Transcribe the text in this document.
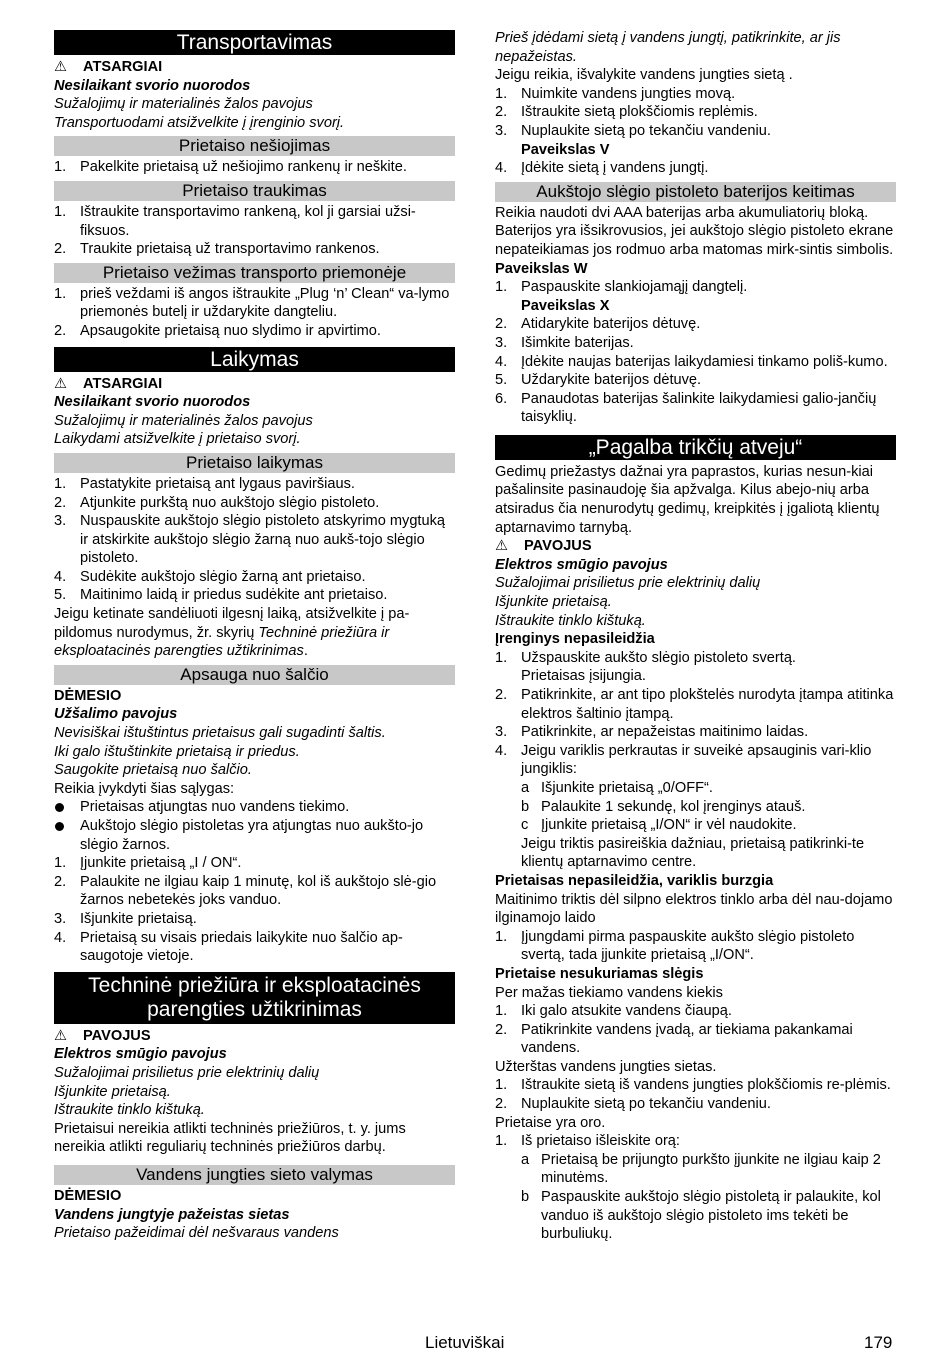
Transportavimas
⚠ ATSARGIAI
Nesilaikant svorio nuorodos
Sužalojimų ir materialinės žalos pavojus
Transportuodami atsižvelkite į įrenginio svorį.
Prietaiso nešiojimas
1. Pakelkite prietaisą už nešiojimo rankenų ir neškite.
Prietaiso traukimas
1. Ištraukite transportavimo rankeną, kol ji garsiai užsi-fiksuos.
2. Traukite prietaisą už transportavimo rankenos.
Prietaiso vežimas transporto priemonėje
1. prieš veždami iš angos ištraukite „Plug ‘n’ Clean“ va-lymo priemonės butelį ir uždarykite dangteliu.
2. Apsaugokite prietaisą nuo slydimo ir apvirtimo.
Laikymas
⚠ ATSARGIAI
Nesilaikant svorio nuorodos
Sužalojimų ir materialinės žalos pavojus
Laikydami atsižvelkite į prietaiso svorį.
Prietaiso laikymas
1. Pastatykite prietaisą ant lygaus paviršiaus.
2. Atjunkite purkštą nuo aukštojo slėgio pistoleto.
3. Nuspauskite aukštojo slėgio pistoleto atskyrimo mygtuką ir atskirkite aukštojo slėgio žarną nuo aukš-tojo slėgio pistoleto.
4. Sudėkite aukštojo slėgio žarną ant prietaiso.
5. Maitinimo laidą ir priedus sudėkite ant prietaiso.
Jeigu ketinate sandėliuoti ilgesnį laiką, atsižvelkite į pa-pildomus nurodymus, žr. skyrių Techninė priežiūra ir eksploatacinės parengties užtikrinimas.
Apsauga nuo šalčio
DĖMESIO
Užšalimo pavojus
Nevisiškai ištuštintus prietaisus gali sugadinti šaltis.
Iki galo ištuštinkite prietaisą ir priedus.
Saugokite prietaisą nuo šalčio.
Reikia įvykdyti šias sąlygas:
Prietaisas atjungtas nuo vandens tiekimo.
Aukštojo slėgio pistoletas yra atjungtas nuo aukšto-jo slėgio žarnos.
1. Įjunkite prietaisą „I / ON“.
2. Palaukite ne ilgiau kaip 1 minutę, kol iš aukštojo slė-gio žarnos nebetekės joks vanduo.
3. Išjunkite prietaisą.
4. Prietaisą su visais priedais laikykite nuo šalčio ap-saugotoje vietoje.
Techninė priežiūra ir eksploatacinės parengties užtikrinimas
⚠ PAVOJUS
Elektros smūgio pavojus
Sužalojimai prisilietus prie elektrinių dalių
Išjunkite prietaisą.
Ištraukite tinklo kištuką.
Prietaisui nereikia atlikti techninės priežiūros, t. y. jums nereikia atlikti reguliarių techninės priežiūros darbų.
Vandens jungties sieto valymas
DĖMESIO
Vandens jungtyje pažeistas sietas
Prietaiso pažeidimai dėl nešvaraus vandens
Prieš įdėdami sietą į vandens jungtį, patikrinkite, ar jis nepažeistas.
Jeigu reikia, išvalykite vandens jungties sietą .
1. Nuimkite vandens jungties movą.
2. Ištraukite sietą plokščiomis replėmis.
3. Nuplaukite sietą po tekančiu vandeniu.
Paveikslas V
4. Įdėkite sietą į vandens jungtį.
Aukštojo slėgio pistoleto baterijos keitimas
Reikia naudoti dvi AAA baterijas arba akumuliatorių bloką.
Baterijos yra išsikrovusios, jei aukštojo slėgio pistoleto ekrane nepateikiamas jos rodmuo arba matomas mirk-sintis simbolis.
Paveikslas W
1. Paspauskite slankiojamąjį dangtelį.
Paveikslas X
2. Atidarykite baterijos dėtuvę.
3. Išimkite baterijas.
4. Įdėkite naujas baterijas laikydamiesi tinkamo poliš-kumo.
5. Uždarykite baterijos dėtuvę.
6. Panaudotas baterijas šalinkite laikydamiesi galio-jančių taisyklių.
„Pagalba trikčių atveju“
Gedimų priežastys dažnai yra paprastos, kurias nesun-kiai pašalinsite pasinaudoję šia apžvalga. Kilus abejo-nių arba atsiradus čia nenurodytų gedimų, kreipkitės į įgaliotą klientų aptarnavimo tarnybą.
⚠ PAVOJUS
Elektros smūgio pavojus
Sužalojimai prisilietus prie elektrinių dalių
Išjunkite prietaisą.
Ištraukite tinklo kištuką.
Įrenginys nepasileidžia
1. Užspauskite aukšto slėgio pistoleto svertą.
Prietaisas įsijungia.
2. Patikrinkite, ar ant tipo plokštelės nurodyta įtampa atitinka elektros šaltinio įtampą.
3. Patikrinkite, ar nepažeistas maitinimo laidas.
4. Jeigu variklis perkrautas ir suveikė apsauginis vari-klio jungiklis:
a Išjunkite prietaisą „0/OFF“.
b Palaukite 1 sekundę, kol įrenginys atauš.
c Įjunkite prietaisą „I/ON“ ir vėl naudokite.
Jeigu triktis pasireiškia dažniau, prietaisą patikrinki-te klientų aptarnavimo centre.
Prietaisas nepasileidžia, variklis burzgia
Maitinimo triktis dėl silpno elektros tinklo arba dėl nau-dojamo ilginamojo laido
1. Įjungdami pirma paspauskite aukšto slėgio pistoleto svertą, tada įjunkite prietaisą „I/ON“.
Prietaise nesukuriamas slėgis
Per mažas tiekiamo vandens kiekis
1. Iki galo atsukite vandens čiaupą.
2. Patikrinkite vandens įvadą, ar tiekiama pakankamai vandens.
Užterštas vandens jungties sietas.
1. Ištraukite sietą iš vandens jungties plokščiomis re-plėmis.
2. Nuplaukite sietą po tekančiu vandeniu.
Prietaise yra oro.
1. Iš prietaiso išleiskite orą:
a Prietaisą be prijungto purkšto įjunkite ne ilgiau kaip 2 minutėms.
b Paspauskite aukštojo slėgio pistoletą ir palaukite, kol vanduo iš aukštojo slėgio pistoleto ims tekėti be burbuliukų.
Lietuviškai	179
